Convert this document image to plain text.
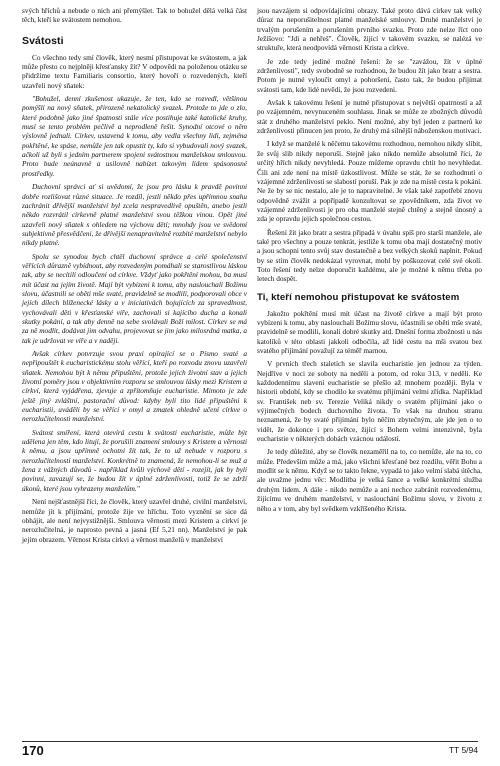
svých hříchů a nebude o nich ani přemýšlet. Tak to bohužel dělá velká část těch, kteří ke svátostem nemohou.

Svátosti

Co všechno tedy smí člověk, který nesmí přistupovat ke svátostem, a jak může přesto co nejplněji křesťansky žít? V odpovědi na položenou otázku se přidržíme textu Familiaris consortio, který hovoří o rozvedených, kteří uzavřeli nový sňatek:

"Bohužel, denní zkušenost ukazuje, že ten, kdo se rozvedl, většinou pomýšlí na nový sňatek, přirozeně nekatolický svazek. Protože to jde o zlo, které podobně jako jiné špatnosti stále více postihuje také katolické kruhy, musí se tento problém pečlivě a neprodleně řešit. Synodní otcové o něm výslovně jednali. Církev, ustavená k tomu, aby vedla všechny lidi, zejména pokřtěné, ke spáse, nemůže jen tak opustit ty, kdo si vybudovali nový svazek, ačkoli už byli s jedním partnerem spojeni svátostnou manželskou smlouvou. Proto bude neúnavně a usilovně nabízet takovým lidem spásonosné prostředky.

Duchovní správci ať si uvědomí, že jsou pro lásku k pravdě povinni dobře rozlišovat různé situace. Je rozdíl, jestli někdo přes upřímnou snahu zachránit dřívější manželství byl zcela nespravedlivě opuštěn, anebo jestli někdo rozvrátil církevně platné manželství svou těžkou vinou. Opět jiné uzavřeli nový sňatek s ohledem na výchovu dětí; mnohdy jsou ve svědomí subjektivně přesvědčeni, že dřívější nenapravitelně rozbité manželství nebylo nikdy platné.

Spolu se synodou bych chtěl duchovní správce a celé společenství věřících důrazně vybídnout, aby rozvedeným pomáhali se starostlivou láskou tak, aby se necítili odloučeni od církve. Vždyť jako pokřtění mohou, ba musí mít účast na jejím životě. Mají být vybízeni k tomu, aby naslouchali Božímu slovu, účastnili se oběti mše svaté, pravidelně se modlili, podporovali obce v jejích dílech blíženecké lásky a v iniciativách bojujících za spravedlnost, vychovávali děti v křesťanské víře, zachovali si kajícího ducha a konali skutky pokání, a tak aby denně na sebe svolávali Boží milost. Církev se má za ně modlit, dodávat jim odvahu, projevovat se jim jako milosrdná matka, a tak je udržovat ve víře a v naději.

Avšak církev potvrzuje svou praxi opírající se o Písmo svaté a nepřipouštět k eucharistickému stolu věřící, kteří po rozvodu znovu uzavřeli sňatek. Nemohou být k němu připuštěni, protože jejich životní stav a jejich životní poměry jsou v objektivním rozporu se smlouvou lásky mezi Kristem a církví, která vyjádřena, zjevuje a zpřítomňuje eucharistie. Mimoto je zde ještě jiný zvláštní, pastorační důvod: kdyby byli tito lidé připuštěni k eucharistii, uváděli by se věřící v omyl a zmatek ohledně učení církve o nerozlučitelnosti manželství.

Svátost smíření, která otevírá cestu k svátosti eucharistie, může být udělena jen těm, kdo litují, že porušili znamení smlouvy s Kristem a věrnosti k němu, a jsou upřímně ochotni žít tak, že to už nebude v rozporu s nerozlučitelností manželství. Konkrétně to znamená, že nemohou-li se muž a žena z vážných důvodů - například kvůli výchově dětí - rozejít, jak by byli povinni, zavazují se, že budou žít v úplné zdrženlivosti, totiž že se zdrží úkonů, které jsou vyhrazeny manželům."

Není nejšťastnější říci, že člověk, který uzavřel druhé, civilní manželství, nemůže jít k přijímání, protože žije ve hříchu. Toto vyznění se sice dá obhájit, ale není nejvystižnější. Smlouva věrnosti mezi Kristem a církví je nerozlučitelná, je naprosto pevná a jasná (Ef 5,21 nn). Manželství je pak jejím obrazem. Věrnost Krista církvi a věrnost manželů v manželství

jsou navzájem si odpovídajícími obrazy. Také proto dává církev tak velký důraz na neporušitelnost platné manželské smlouvy. Druhé manželství je trvalým porušením a porušením prvního svazku. Proto zde nelze říct ono Ježíšovo: "Jdi a nehřeš". Člověk, žijící v takovém svazku, se nalézá ve struktuře, která neodpovídá věrnosti Krista a církve.

Je zde tedy jediné možné řešení: že se "zavážou, žít v úplné zdrženlivosti", tedy svobodně se rozhodnou, že budou žít jako bratr a sestra. Potom je nutné vyloučit omyl a pohoršení, často tak, že budou přijímat svátosti tam, kde lidé nevědí, že jsou rozvedeni.

Avšak k takovému řešení je nutné přistupovat s největší opatrností a až po vzájemném, nevynuceném souhlasu. Jinak se může ze zbožných důvodů stát z druhého manželství peklo. Není možné, aby byl jeden z partnerů ke zdrženlivosti přinucen jen proto, že druhý má silnější náboženskou motivaci.

I když se manželé k něčemu takovému rozhodnou, nemohou nikdy slíbit, že svůj slib nikdy neporuší. Stejně jako nikdo nemůže absolutně říci, že určitý hřích nikdy nevyhledá. Pouze můžeme opravdu chtít ho nevyhledat. Čili ani zde není na místě úzkostlivost. Může se stát, že se rozhodnutí o vzájemné zdrženlivosti se slabostí poruší. Pak je zde na místě cesta k pokání. Ne že by se nic nestalo, ale je to napravitelné. Je však také zapotřebí znovu odpovědně zvážit a popřípadě konzultovat se zpovědníkem, zda život ve vzájemné zdrženlivosti je pro oba manželé stejně chtěný a stejně únosný a zda je opravdu jejich společnou cestou.

Řešení žít jako bratr a sestra připadá v úvahu spíš pro starší manžele, ale také pro všechny a pouze tenkrát, jestliže k tomu oba mají dostatečný motiv a jsou schopni tento svůj stav dostatečně a bez velkých skoků naplnit. Pokud by se stím člověk nedokázal vyrovnat, mohl by poškozovat celé své okolí. Toto řešení tedy nelze doporučit každému, ale je možné k němu třeba po letech dospět.

Ti, kteří nemohou přistupovat ke svátostem

Jakožto pokřtění musí mít účast na životě církve a mají být proto vybízeni k tomu, aby naslouchali Božímu slovu, účastnili se oběti mše svaté, pravidelně se modlili, konali dobré skutky atd. Dnešní forma zbožnosti u nás katolíků v této oblasti jakkoli odbočila, až lidé cestu na mši svatou bez svatého přijímání považují za téměř marnou.

V prvních třech staletích se slavila eucharistie jen jednou za týden. Nejdříve v noci ze soboty na neděli a potom, od roku 313, v neděli. Ke každodennímu slavení eucharistie se přešlo až mnohem později. Byla v historii období, kdy se chodilo ke svatému přijímání velmi zřídka. Například sv. František neb sv. Terezie Veliká nikdy o svatém přijímání jako o výjimečných bodech duchovního života. To však na druhou stranu neznamená, že by svaté přijímání bylo něčím zbytečným, ale jde jen o to vidět, že dokonce i pro světce, žijící s Bohem velmi intenzivně, byla eucharistie v některých dobách vzácnou událostí.

Je tedy důležité, aby se člověk nezaměřil na to, co nemůže, ale na to, co může. Především může a má, jako všichni křesťané bez rozdílu, věřit Bohu a modlit se k němu. Když se to takto řekne, vypadá to jako velmi slabá útěcha, ale uvažme jednu věc: Modlitba je velká šance a velké konkrétní služba druhým lidem. A dále - nikdo nemůže a ani nechce zabránit rozvedenému, žijícímu ve druhém manželství, v naslouchání Božímu slovu, v životu z něho a v tom, aby byl svědkem vzkříšeného Krista.

170	TT 5/94
